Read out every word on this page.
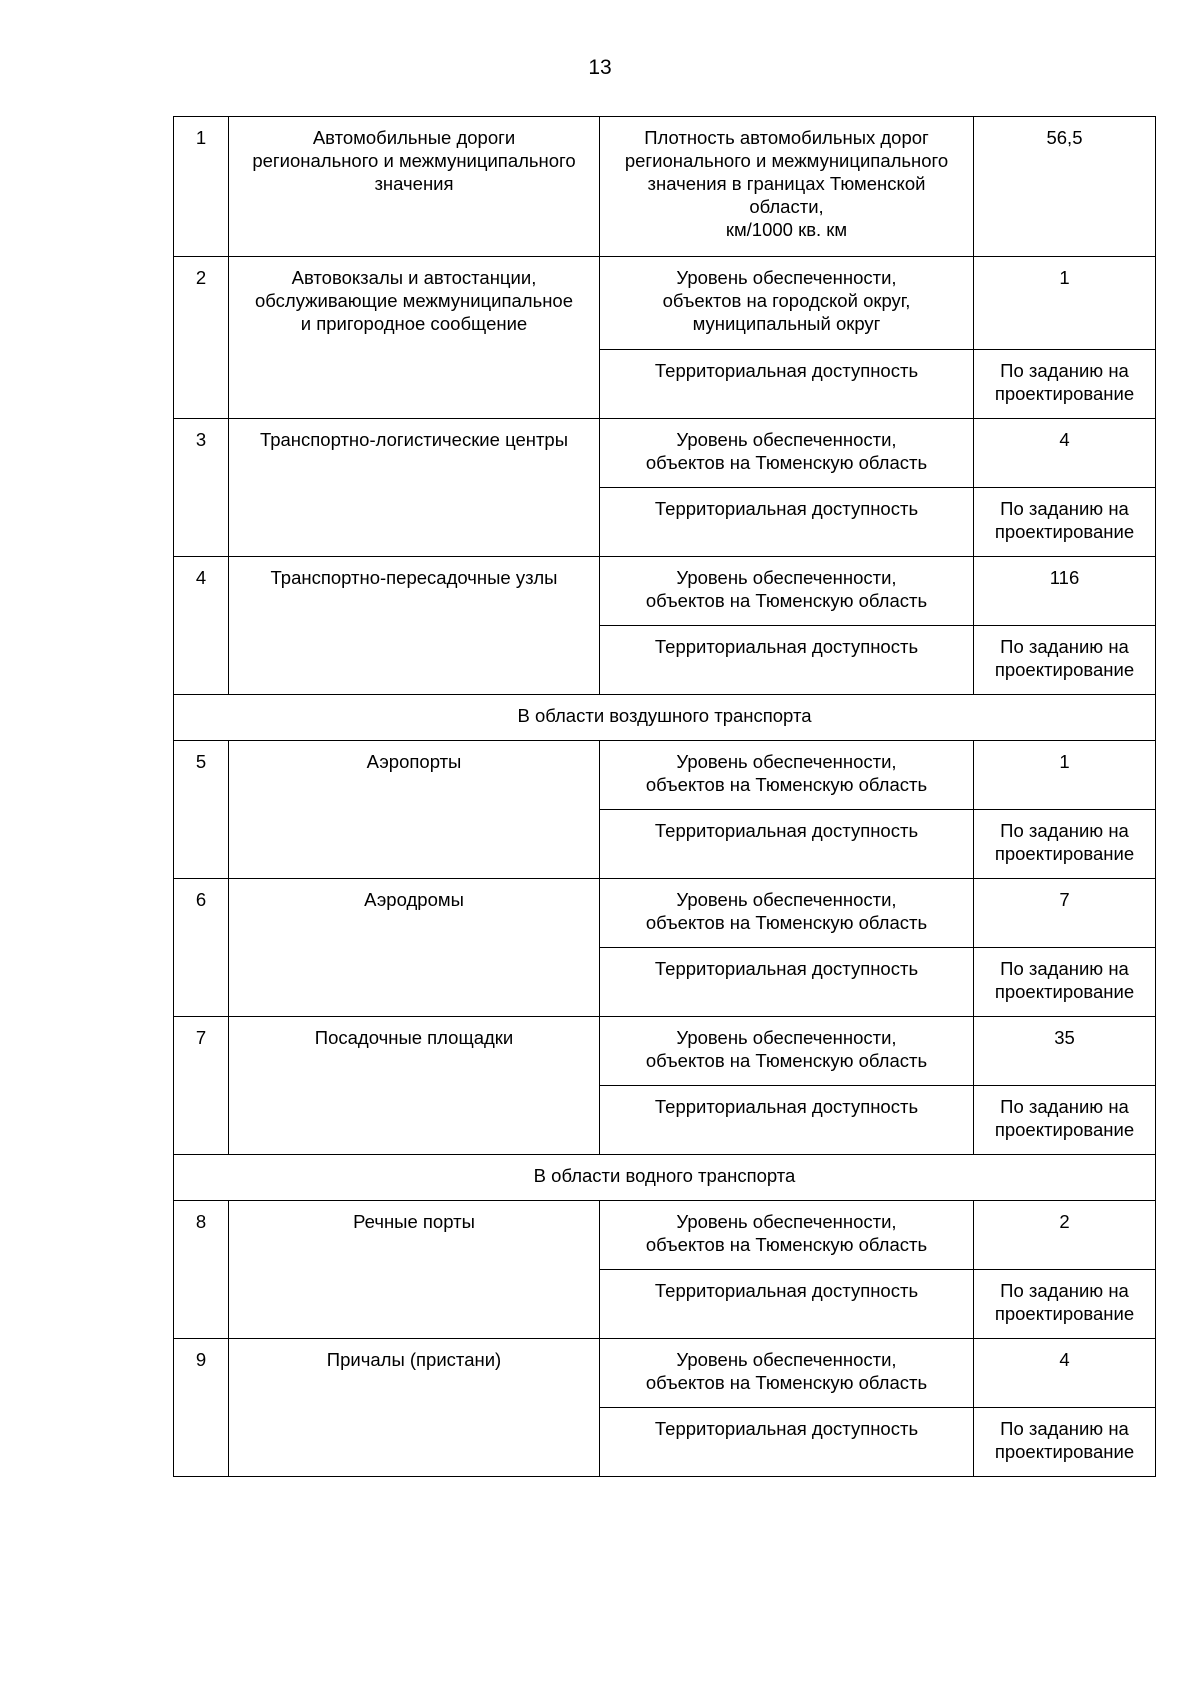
13
1	Автомобильные дороги
регионального и межмуниципального
значения	Плотность автомобильных дорог
регионального и межмуниципального
значения в границах Тюменской
области,
км/1000 кв. км	56,5
2	Автовокзалы и автостанции,
обслуживающие межмуниципальное
и пригородное сообщение	Уровень обеспеченности,
объектов на городской округ,
муниципальный округ	1
		Территориальная доступность	По заданию на
проектирование
3	Транспортно-логистические центры	Уровень обеспеченности,
объектов на Тюменскую область	4
		Территориальная доступность	По заданию на
проектирование
4	Транспортно-пересадочные узлы	Уровень обеспеченности,
объектов на Тюменскую область	116
		Территориальная доступность	По заданию на
проектирование
В области воздушного транспорта			
5	Аэропорты	Уровень обеспеченности,
объектов на Тюменскую область	1
		Территориальная доступность	По заданию на
проектирование
6	Аэродромы	Уровень обеспеченности,
объектов на Тюменскую область	7
		Территориальная доступность	По заданию на
проектирование
7	Посадочные площадки	Уровень обеспеченности,
объектов на Тюменскую область	35
		Территориальная доступность	По заданию на
проектирование
В области водного транспорта			
8	Речные порты	Уровень обеспеченности,
объектов на Тюменскую область	2
		Территориальная доступность	По заданию на
проектирование
9	Причалы (пристани)	Уровень обеспеченности,
объектов на Тюменскую область	4
		Территориальная доступность	По заданию на
проектирование
